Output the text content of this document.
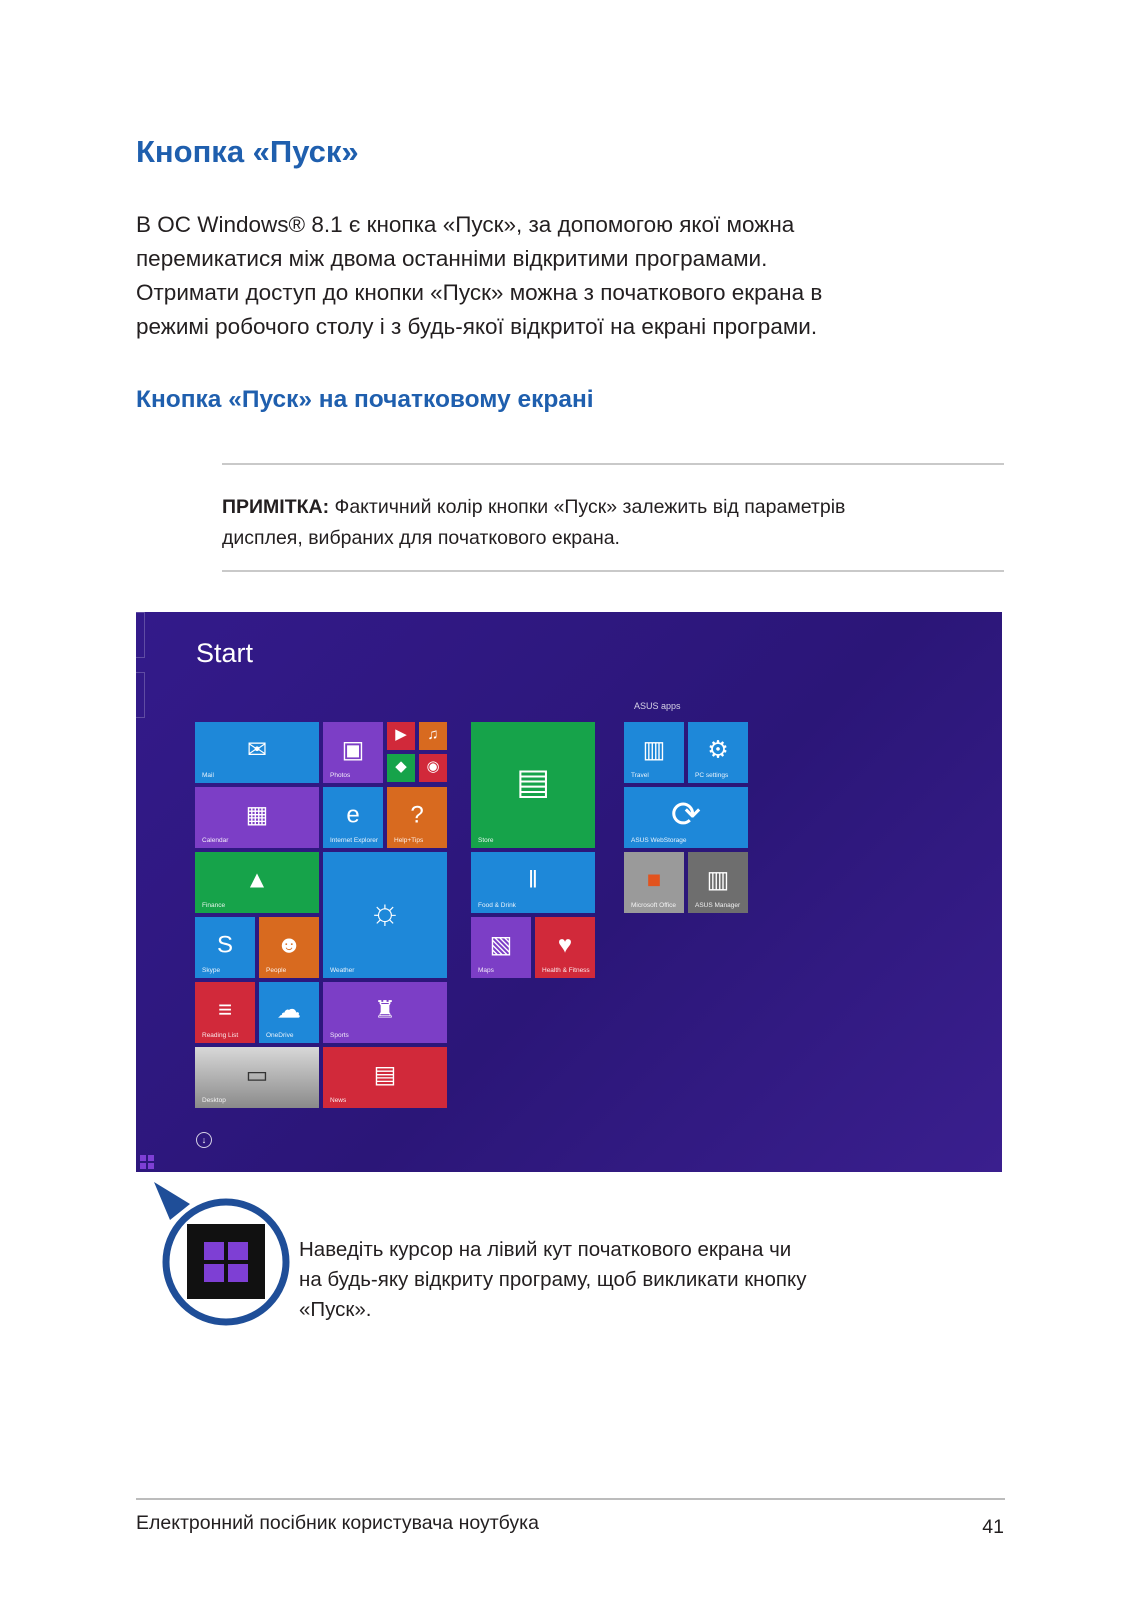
Кнопка «Пуск»
В ОС Windows® 8.1 є кнопка «Пуск», за допомогою якої можна
перемикатися між двома останніми відкритими програмами.
Отримати доступ до кнопки «Пуск» можна з початкового екрана в
режимі робочого столу і з будь-якої відкритої на екрані програми.
Кнопка «Пуск» на початковому екрані
ПРИМІТКА: Фактичний колір кнопки «Пуск» залежить від параметрів
дисплея, вибраних для початкового екрана.
Start
ASUS apps
✉
Mail
▣
Photos
▶	♫
◆	◉
▦
Calendar
e
Internet Explorer
?
Help+Tips
▲
Finance	☼
Weather
S
Skype
☻
People
≡
Reading List
☁
OneDrive
♜
Sports
▭
Desktop
▤
News
▤
Store
ǁ
Food & Drink
▧
Maps
♥
Health & Fitness
▥
Travel
⚙
PC settings
⟳
ASUS WebStorage
■
Microsoft Office
▥
ASUS Manager
↓
Наведіть курсор на лівий кут початкового екрана чи
на будь-яку відкриту програму, щоб викликати кнопку
«Пуск».
Електронний посібник користувача ноутбука	41
